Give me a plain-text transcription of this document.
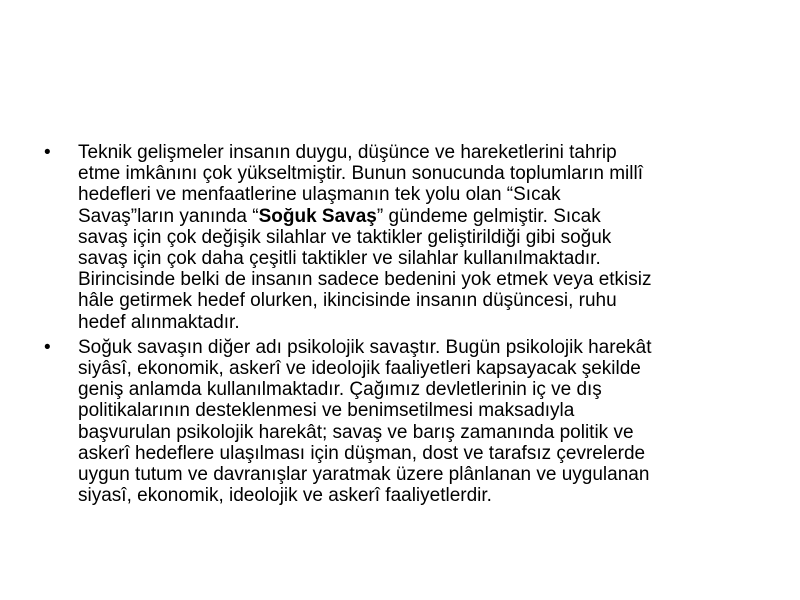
• Teknik gelişmeler insanın duygu, düşünce ve hareketlerini tahrip
etme imkânını çok yükseltmiştir. Bunun sonucunda toplumların millî
hedefleri ve menfaatlerine ulaşmanın tek yolu olan “Sıcak
Savaş”ların yanında “Soğuk Savaş” gündeme gelmiştir. Sıcak
savaş için çok değişik silahlar ve taktikler geliştirildiği gibi soğuk
savaş için çok daha çeşitli taktikler ve silahlar kullanılmaktadır.
Birincisinde belki de insanın sadece bedenini yok etmek veya etkisiz
hâle getirmek hedef olurken, ikincisinde insanın düşüncesi, ruhu
hedef alınmaktadır.
• Soğuk savaşın diğer adı psikolojik savaştır. Bugün psikolojik harekât
siyâsî, ekonomik, askerî ve ideolojik faaliyetleri kapsayacak şekilde
geniş anlamda kullanılmaktadır. Çağımız devletlerinin iç ve dış
politikalarının desteklenmesi ve benimsetilmesi maksadıyla
başvurulan psikolojik harekât; savaş ve barış zamanında politik ve
askerî hedeflere ulaşılması için düşman, dost ve tarafsız çevrelerde
uygun tutum ve davranışlar yaratmak üzere plânlanan ve uygulanan
siyasî, ekonomik, ideolojik ve askerî faaliyetlerdir.
